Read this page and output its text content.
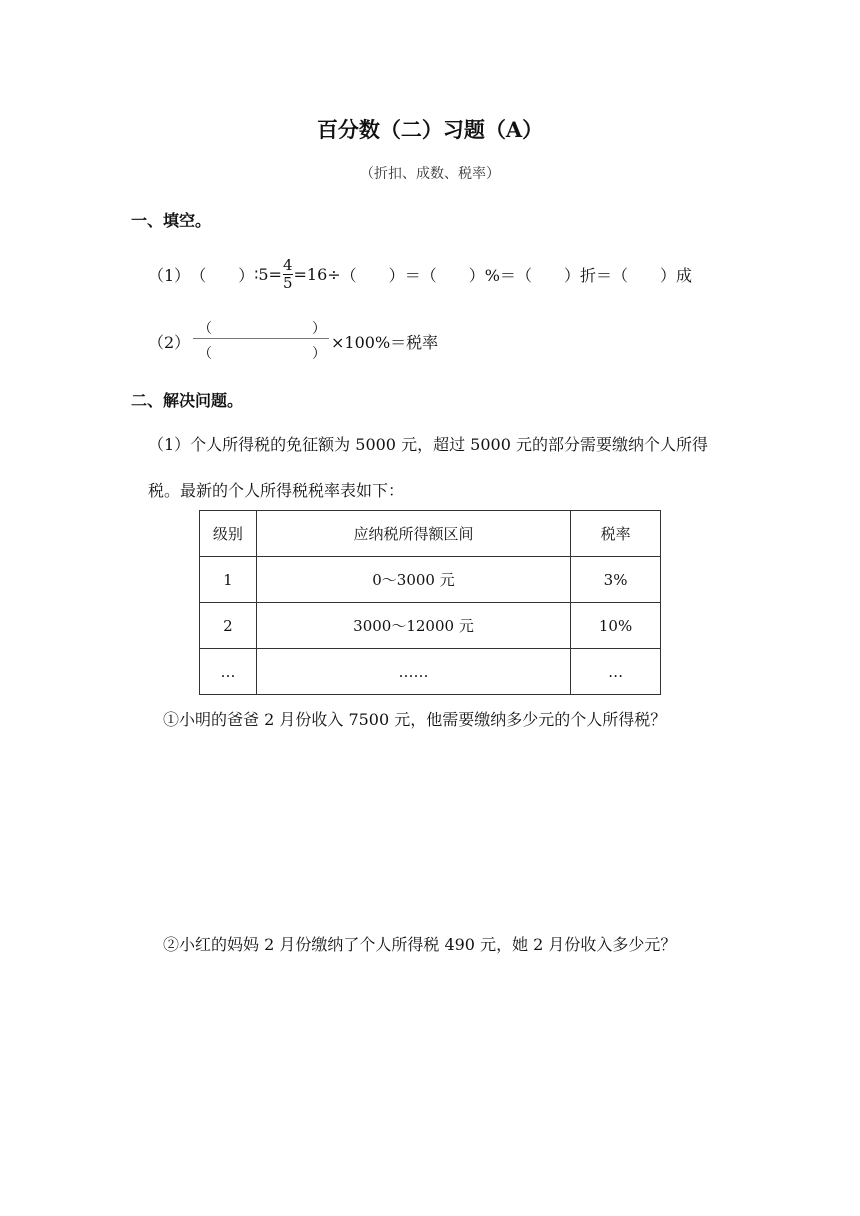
百分数（二）习题（A）
（折扣、成数、税率）
一、填空。
（1） （　　） ∶5= $\frac{4}{5} =16\div$ （　　） ＝ （　　） %＝ （　　） 折＝ （　　） 成
（2）
（	）
（	）
×100%＝税率
二、解决问题。
（1）个人所得税的免征额为 5000 元，超过 5000 元的部分需要缴纳个人所得
税。最新的个人所得税税率表如下：
级别	应纳税所得额区间	税率
1	0～3000 元	3%
2	3000～12000 元	10%
…	……	…
①小明的爸爸 2 月份收入 7500 元，他需要缴纳多少元的个人所得税？
②小红的妈妈 2 月份缴纳了个人所得税 490 元，她 2 月份收入多少元？
